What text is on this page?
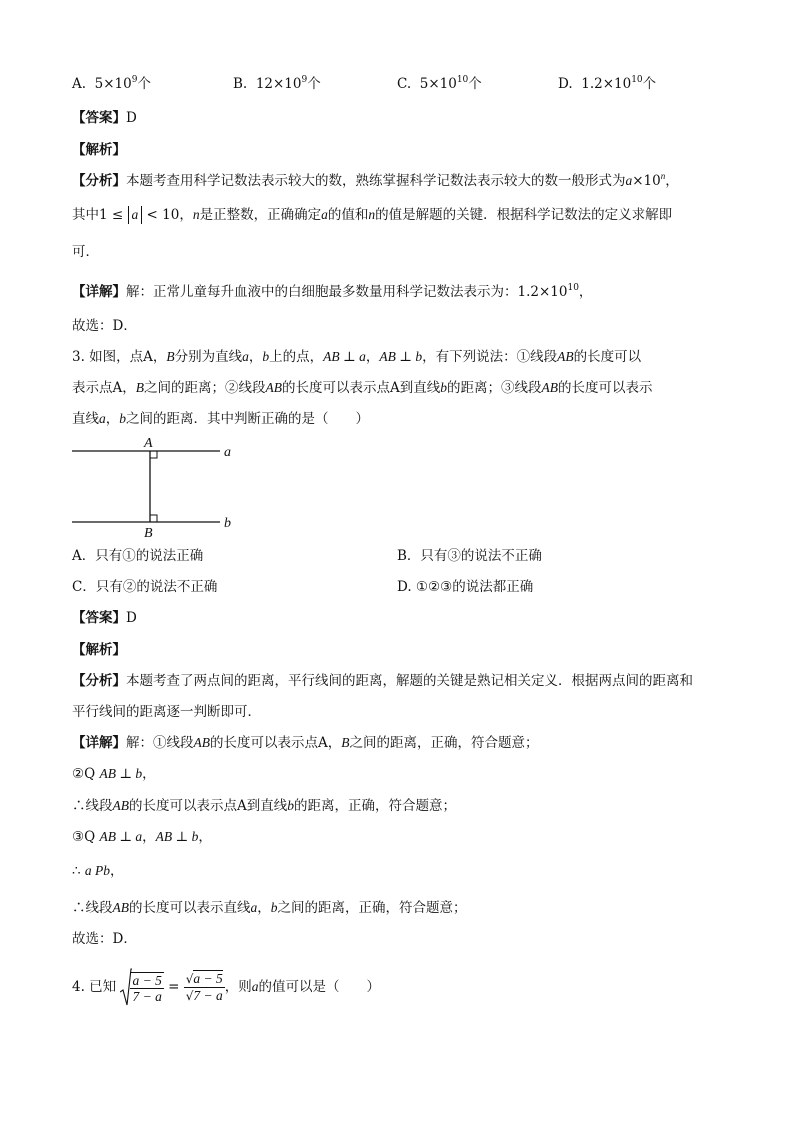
A. $5\times 10^9$个	B. $12\times 10^9$个	C. $5\times 10^{10}$个	D. $1.2\times 10^{10}$个
【答案】D
【解析】
【分析】本题考查用科学记数法表示较大的数，熟练掌握科学记数法表示较大的数一般形式为$a\times 10^n$，
其中1 ≤ a < 10，n是正整数，正确确定a的值和n的值是解题的关键．根据科学记数法的定义求解即
可．
【详解】解：正常儿童每升血液中的白细胞最多数量用科学记数法表示为：$1.2\times 10^{10}$，
故选：D．
3. 如图，点A，B分别为直线a，b上的点，AB ⊥ a，AB ⊥ b，有下列说法：①线段AB的长度可以
表示点A，B之间的距离；②线段AB的长度可以表示点A到直线b的距离；③线段AB的长度可以表示
直线a，b之间的距离．其中判断正确的是（　　）
A
B
a
b
A．只有①的说法正确	B．只有③的说法不正确
C．只有②的说法不正确	D. ①②③的说法都正确
【答案】D
【解析】
【分析】本题考查了两点间的距离，平行线间的距离，解题的关键是熟记相关定义．根据两点间的距离和
平行线间的距离逐一判断即可．
【详解】解：①线段AB的长度可以表示点A，B之间的距离，正确，符合题意；
②Q AB ⊥ b，
∴线段AB的长度可以表示点A到直线b的距离，正确，符合题意；
③Q AB ⊥ a，AB ⊥ b，
∴ a Pb，
∴线段AB的长度可以表示直线a，b之间的距离，正确，符合题意；
故选：D．
4. 已知 $\frac{a - 5}{7 - a} = \frac{√a - 5}{√7 - a}$ ，则a的值可以是（　　）
